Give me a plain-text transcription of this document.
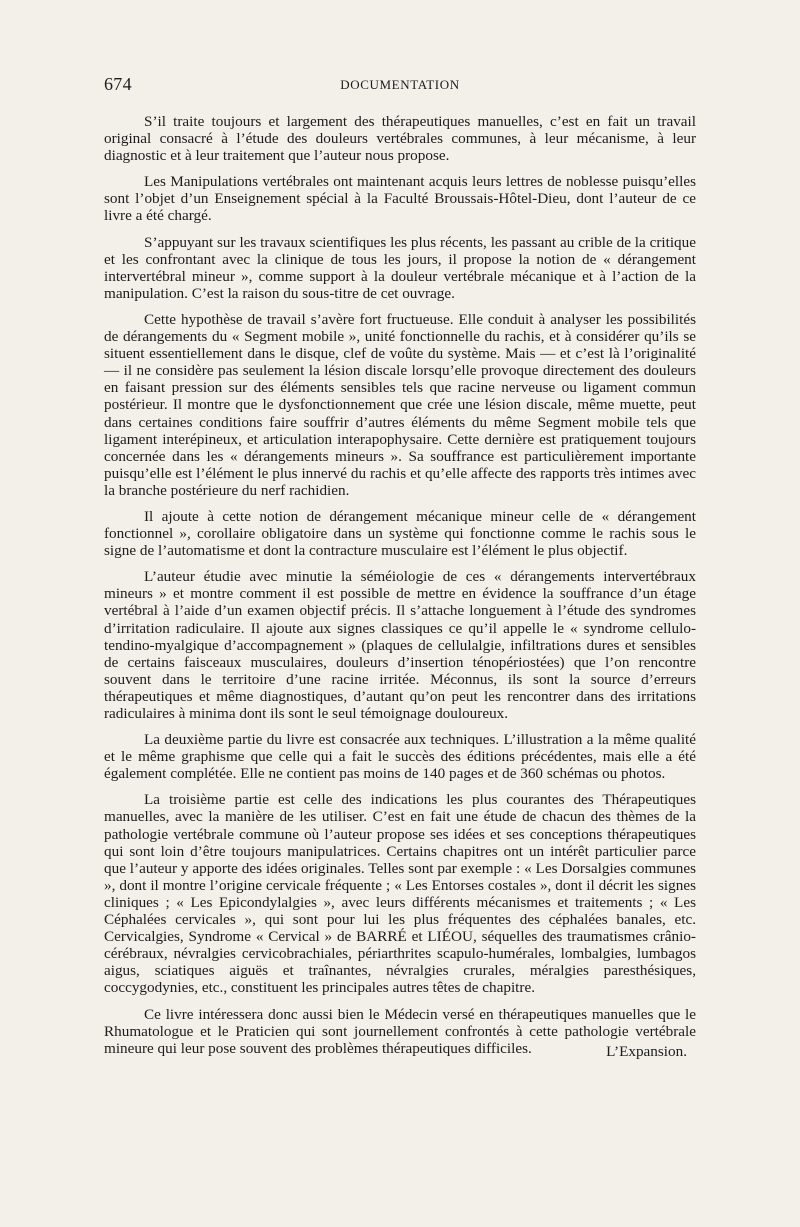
674	DOCUMENTATION

S’il traite toujours et largement des thérapeutiques manuelles, c’est en fait un travail original consacré à l’étude des douleurs vertébrales communes, à leur mécanisme, à leur diagnostic et à leur traitement que l’auteur nous propose.

Les Manipulations vertébrales ont maintenant acquis leurs lettres de noblesse puisqu’elles sont l’objet d’un Enseignement spécial à la Faculté Broussais-Hôtel-Dieu, dont l’auteur de ce livre a été chargé.

S’appuyant sur les travaux scientifiques les plus récents, les passant au crible de la critique et les confrontant avec la clinique de tous les jours, il propose la notion de « dérangement intervertébral mineur », comme support à la douleur vertébrale mécanique et à l’action de la manipulation. C’est la raison du sous-titre de cet ouvrage.

Cette hypothèse de travail s’avère fort fructueuse. Elle conduit à analyser les possibilités de dérangements du « Segment mobile », unité fonctionnelle du rachis, et à considérer qu’ils se situent essentiellement dans le disque, clef de voûte du système. Mais — et c’est là l’originalité — il ne considère pas seulement la lésion discale lorsqu’elle provoque directement des douleurs en faisant pression sur des éléments sensibles tels que racine nerveuse ou ligament commun postérieur. Il montre que le dysfonctionnement que crée une lésion discale, même muette, peut dans certaines conditions faire souffrir d’autres éléments du même Segment mobile tels que ligament interépineux, et articulation interapophysaire. Cette dernière est pratiquement toujours concernée dans les « dérangements mineurs ». Sa souffrance est particulièrement importante puisqu’elle est l’élément le plus innervé du rachis et qu’elle affecte des rapports très intimes avec la branche postérieure du nerf rachidien.

Il ajoute à cette notion de dérangement mécanique mineur celle de « dérangement fonctionnel », corollaire obligatoire dans un système qui fonctionne comme le rachis sous le signe de l’automatisme et dont la contracture musculaire est l’élément le plus objectif.

L’auteur étudie avec minutie la séméiologie de ces « dérangements intervertébraux mineurs » et montre comment il est possible de mettre en évidence la souffrance d’un étage vertébral à l’aide d’un examen objectif précis. Il s’attache longuement à l’étude des syndromes d’irritation radiculaire. Il ajoute aux signes classiques ce qu’il appelle le « syndrome cellulo-tendino-myalgique d’accompagnement » (plaques de cellulalgie, infiltrations dures et sensibles de certains faisceaux musculaires, douleurs d’insertion ténopériostées) que l’on rencontre souvent dans le territoire d’une racine irritée. Méconnus, ils sont la source d’erreurs thérapeutiques et même diagnostiques, d’autant qu’on peut les rencontrer dans des irritations radiculaires à minima dont ils sont le seul témoignage douloureux.

La deuxième partie du livre est consacrée aux techniques. L’illustration a la même qualité et le même graphisme que celle qui a fait le succès des éditions précédentes, mais elle a été également complétée. Elle ne contient pas moins de 140 pages et de 360 schémas ou photos.

La troisième partie est celle des indications les plus courantes des Thérapeutiques manuelles, avec la manière de les utiliser. C’est en fait une étude de chacun des thèmes de la pathologie vertébrale commune où l’auteur propose ses idées et ses conceptions thérapeutiques qui sont loin d’être toujours manipulatrices. Certains chapitres ont un intérêt particulier parce que l’auteur y apporte des idées originales. Telles sont par exemple : « Les Dorsalgies communes », dont il montre l’origine cervicale fréquente ; « Les Entorses costales », dont il décrit les signes cliniques ; « Les Epicondylalgies », avec leurs différents mécanismes et traitements ; « Les Céphalées cervicales », qui sont pour lui les plus fréquentes des céphalées banales, etc. Cervicalgies, Syndrome « Cervical » de BARRÉ et LIÉOU, séquelles des traumatismes crânio-cérébraux, névralgies cervicobrachiales, périarthrites scapulo-humérales, lombalgies, lumbagos aigus, sciatiques aiguës et traînantes, névralgies crurales, méralgies paresthésiques, coccygodynies, etc., constituent les principales autres têtes de chapitre.

Ce livre intéressera donc aussi bien le Médecin versé en thérapeutiques manuelles que le Rhumatologue et le Praticien qui sont journellement confrontés à cette pathologie vertébrale mineure qui leur pose souvent des problèmes thérapeutiques difficiles.	L’Expansion.
